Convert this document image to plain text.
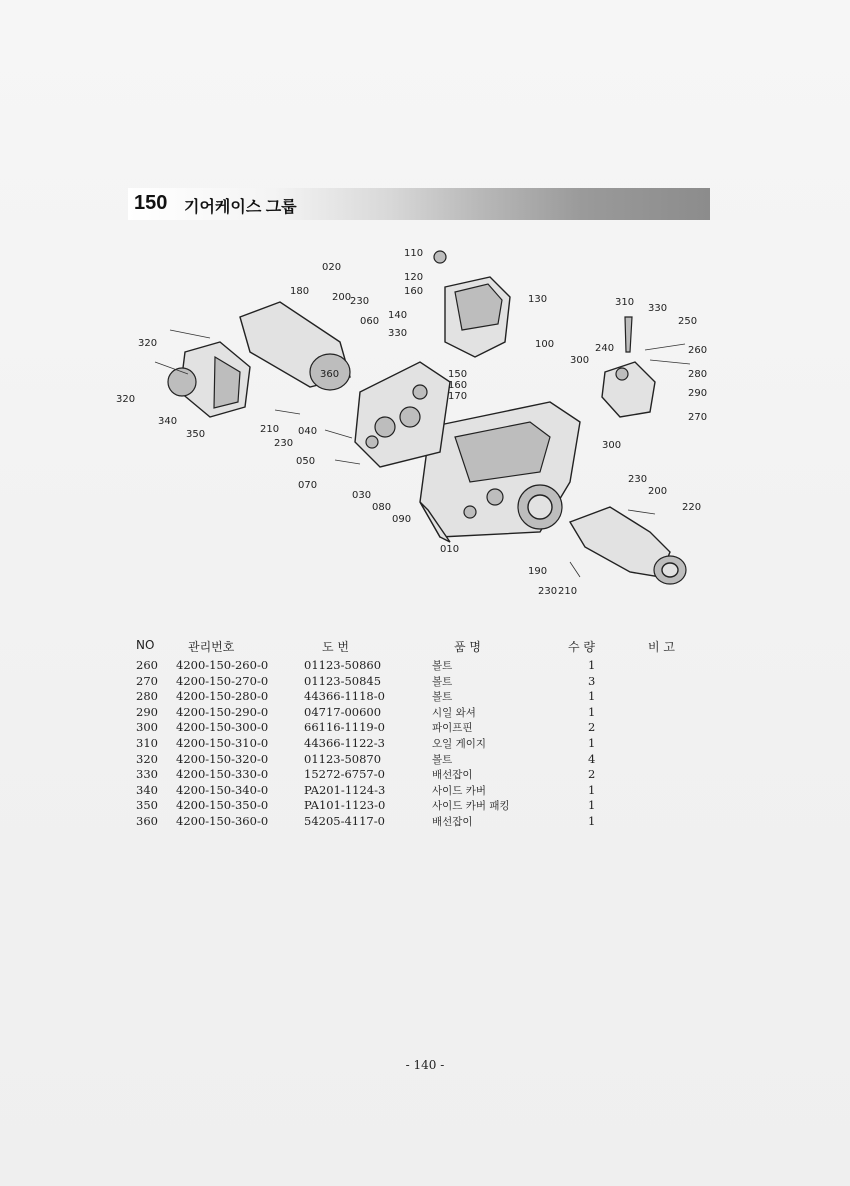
150 기어케이스 그룹
360
110
120
160
020
180
200
230
060
140
130	310
330
250
320
330
100	240
300
260
150
160
170
280
290
270
320
340
350	210
230
040
300
050
070
030
080
090
230
200
220
010
190
230 210
NO	관리번호	도 번	품 명	수 량	비 고
260 4200-150-260-0	01123-50860	볼트	1
270 4200-150-270-0	01123-50845	볼트	3
280 4200-150-280-0	44366-1118-0	볼트	1
290 4200-150-290-0	04717-00600	시일 와셔	1
300 4200-150-300-0	66116-1119-0	파이프핀	2
310 4200-150-310-0	44366-1122-3	오일 게이지	1
320 4200-150-320-0	01123-50870	볼트	4
330 4200-150-330-0	15272-6757-0	배선잡이	2
340 4200-150-340-0	PA201-1124-3	사이드 카버	1
350 4200-150-350-0	PA101-1123-0	사이드 카버 패킹	1
360 4200-150-360-0	54205-4117-0	배선잡이	1
- 140 -
